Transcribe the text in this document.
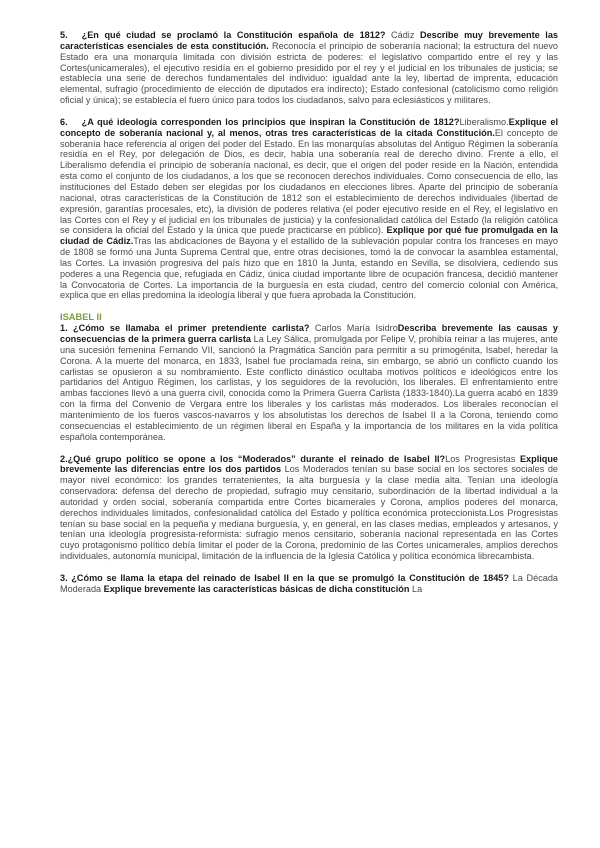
5. ¿En qué ciudad se proclamó la Constitución española de 1812? Cádiz Describe muy brevemente las características esenciales de esta constitución. Reconocía el principio de soberanía nacional; la estructura del nuevo Estado era una monarquía limitada con división estricta de poderes: el legislativo compartido entre el rey y las Cortes(unicamerales), el ejecutivo residía en el gobierno presidido por el rey y el judicial en los tribunales de justicia; se establecía una serie de derechos fundamentales del individuo: igualdad ante la ley, libertad de imprenta, educación elemental, sufragio (procedimiento de elección de diputados era indirecto); Estado confesional (catolicismo como religión oficial y única); se establecía el fuero único para todos los ciudadanos, salvo para eclesiásticos y militares.

6. ¿A qué ideología corresponden los principios que inspiran la Constitución de 1812?Liberalismo.Explique el concepto de soberanía nacional y, al menos, otras tres características de la citada Constitución.El concepto de soberanía hace referencia al origen del poder del Estado. En las monarquías absolutas del Antiguo Régimen la soberanía residía en el Rey, por delegación de Dios, es decir, había una soberanía real de derecho divino. Frente a ello, el Liberalismo defendía el principio de soberanía nacional, es decir, que el origen del poder reside en la Nación, entendida esta como el conjunto de los ciudadanos, a los que se reconocen derechos individuales. Como consecuencia de ello, las instituciones del Estado deben ser elegidas por los ciudadanos en elecciones libres. Aparte del principio de soberanía nacional, otras características de la Constitución de 1812 son el establecimiento de derechos individuales (libertad de expresión, garantías procesales, etc), la división de poderes relativa (el poder ejecutivo reside en el Rey, el legislativo en las Cortes con el Rey y el judicial en los tribunales de justicia) y la confesionalidad católica del Estado (la religión católica se considera la oficial del Estado y la única que puede practicarse en público). Explique por qué fue promulgada en la ciudad de Cádiz.Tras las abdicaciones de Bayona y el estallido de la sublevación popular contra los franceses en mayo de 1808 se formó una Junta Suprema Central que, entre otras decisiones, tomó la de convocar la asamblea estamental, las Cortes. La invasión progresiva del país hizo que en 1810 la Junta, estando en Sevilla, se disolviera, cediendo sus poderes a una Regencia que, refugiada en Cádiz, única ciudad importante libre de ocupación francesa, decidió mantener la Convocatoria de Cortes. La importancia de la burguesía en esta ciudad, centro del comercio colonial con América, explica que en ellas predomina la ideología liberal y que fuera aprobada la Constitución.

ISABEL II

1. ¿Cómo se llamaba el primer pretendiente carlista? Carlos María IsidroDescriba brevemente las causas y consecuencias de la primera guerra carlista La Ley Sálica, promulgada por Felipe V, prohibía reinar a las mujeres, ante una sucesión femenina Fernando VII, sancionó la Pragmática Sanción para permitir a su primogénita, Isabel, heredar la Corona. A la muerte del monarca, en 1833, Isabel fue proclamada reina, sin embargo, se abrió un conflicto cuando los carlistas se opusieron a su nombramiento. Este conflicto dinástico ocultaba motivos políticos e ideológicos entre los partidarios del Antiguo Régimen, los carlistas, y los seguidores de la revolución, los liberales. El enfrentamiento entre ambas facciones llevó a una guerra civil, conocida como la Primera Guerra Carlista (1833-1840).La guerra acabó en 1839 con la firma del Convenio de Vergara entre los liberales y los carlistas más moderados. Los liberales reconocían el mantenimiento de los fueros vascos-navarros y los absolutistas los derechos de Isabel II a la Corona, teniendo como consecuencias el establecimiento de un régimen liberal en España y la importancia de los militares en la vida política española contemporánea.

2.¿Qué grupo político se opone a los “Moderados” durante el reinado de Isabel II?Los Progresistas Explique brevemente las diferencias entre los dos partidos Los Moderados tenían su base social en los sectores sociales de mayor nivel económico: los grandes terratenientes, la alta burguesía y la clase media alta. Tenían una ideología conservadora: defensa del derecho de propiedad, sufragio muy censitario, subordinación de la libertad individual a la autoridad y orden social, soberanía compartida entre Cortes bicamerales y Corona, amplios poderes del monarca, derechos individuales limitados, confesionalidad católica del Estado y política económica proteccionista.Los Progresistas tenían su base social en la pequeña y mediana burguesía, y, en general, en las clases medias, empleados y artesanos, y tenían una ideología progresista-reformista: sufragio menos censitario, soberanía nacional representada en las Cortes cuyo protagonismo político debía limitar el poder de la Corona, predominio de las Cortes unicamerales, amplios derechos individuales, autonomía municipal, limitación de la influencia de la Iglesia Católica y política económica librecambista.

3. ¿Cómo se llama la etapa del reinado de Isabel II en la que se promulgó la Constitución de 1845? La Década Moderada Explique brevemente las características básicas de dicha constitución La
